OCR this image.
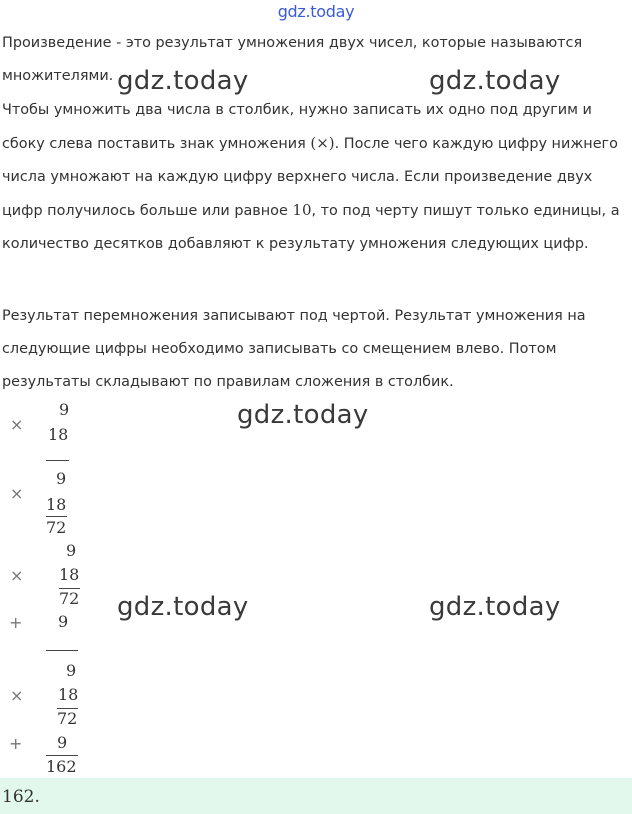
gdz.today

Произведение - это результат умножения двух чисел, которые называются множителями.

Чтобы умножить два числа в столбик, нужно записать их одно под другим и сбоку слева поставить знак умножения (×). После чего каждую цифру нижнего числа умножают на каждую цифру верхнего числа. Если произведение двух цифр получилось больше или равное 10, то под черту пишут только единицы, а количество десятков добавляют к результату умножения следующих цифр.

Результат перемножения записывают под чертой. Результат умножения на следующие цифры необходимо записывать со смещением влево. Потом результаты складывают по правилам сложения в столбик.

gdz.today	gdz.today
gdz.today
gdz.today	gdz.today
×
9
18
×
9
18
72
9
× 18
72
+ 9
9
× 18
72
+ 9
162
162.
